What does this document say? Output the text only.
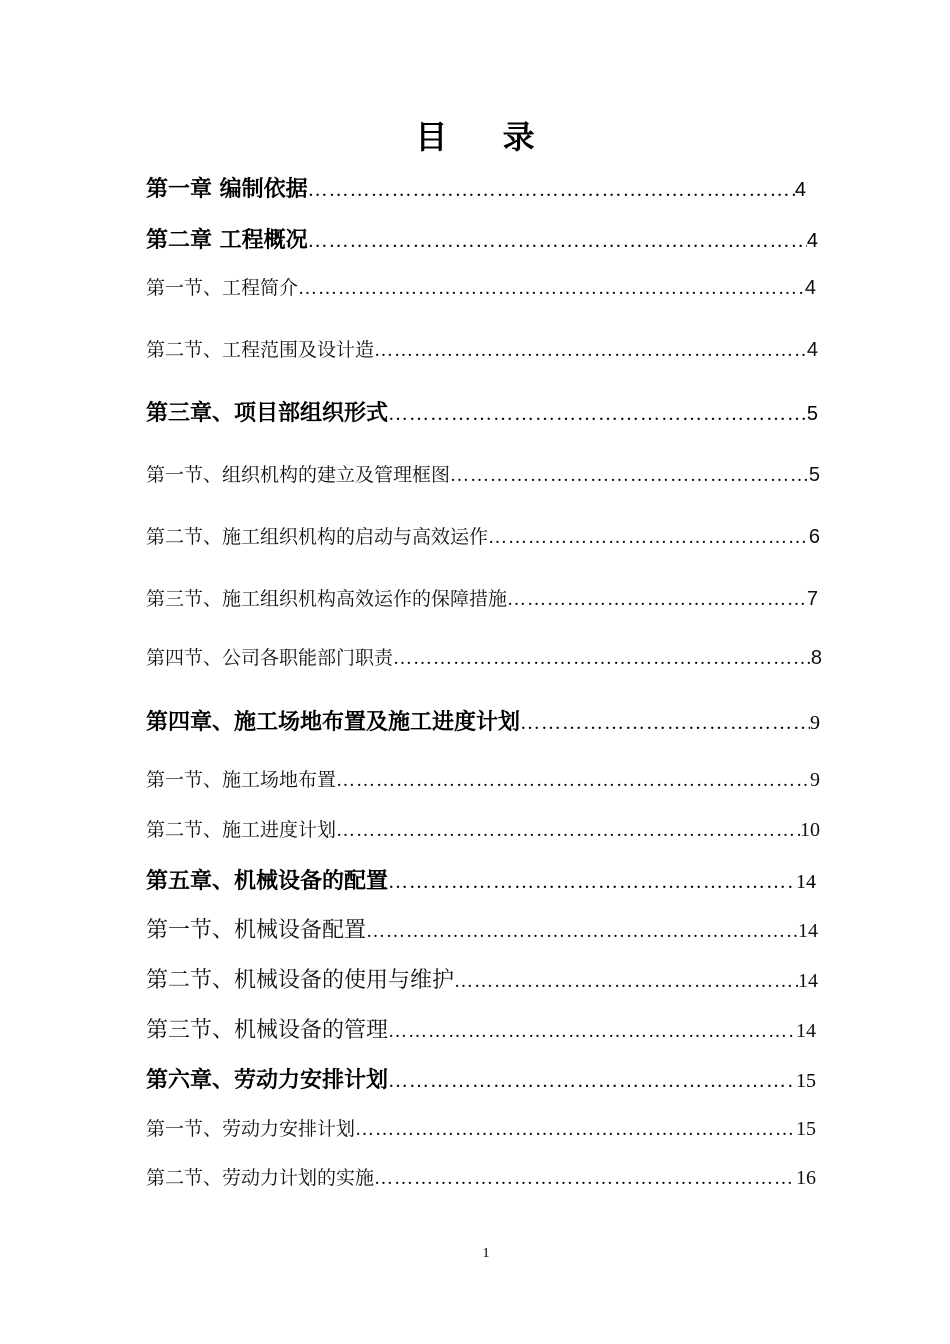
目 录
第一章 编制依据 ……………………………………………………………………………………………………………………………………………………………	4
第二章 工程概况 ……………………………………………………………………………………………………………………………………………………………	4
第一节、工程简介 ……………………………………………………………………………………………………………………………………………………………	4
第二节、工程范围及设计造 ……………………………………………………………………………………………………………………………………………………………	4
第三章、项目部组织形式 ……………………………………………………………………………………………………………………………………………………………	5
第一节、组织机构的建立及管理框图 ……………………………………………………………………………………………………………………………………………………………	5
第二节、施工组织机构的启动与高效运作 ……………………………………………………………………………………………………………………………………………………………	6
第三节、施工组织机构高效运作的保障措施 ……………………………………………………………………………………………………………………………………………………………	7
第四节、公司各职能部门职责 ……………………………………………………………………………………………………………………………………………………………	8
第四章、施工场地布置及施工进度计划 ……………………………………………………………………………………………………………………………………………………………	9
第一节、施工场地布置 ……………………………………………………………………………………………………………………………………………………………	9
第二节、施工进度计划 ……………………………………………………………………………………………………………………………………………………………	10
第五章、机械设备的配置 ……………………………………………………………………………………………………………………………………………………………	14
第一节、机械设备配置 ……………………………………………………………………………………………………………………………………………………………	14
第二节、机械设备的使用与维护 ……………………………………………………………………………………………………………………………………………………………	14
第三节、机械设备的管理 ……………………………………………………………………………………………………………………………………………………………	14
第六章、劳动力安排计划 ……………………………………………………………………………………………………………………………………………………………	15
第一节、劳动力安排计划 ……………………………………………………………………………………………………………………………………………………………	15
第二节、劳动力计划的实施 ……………………………………………………………………………………………………………………………………………………………	16
1
